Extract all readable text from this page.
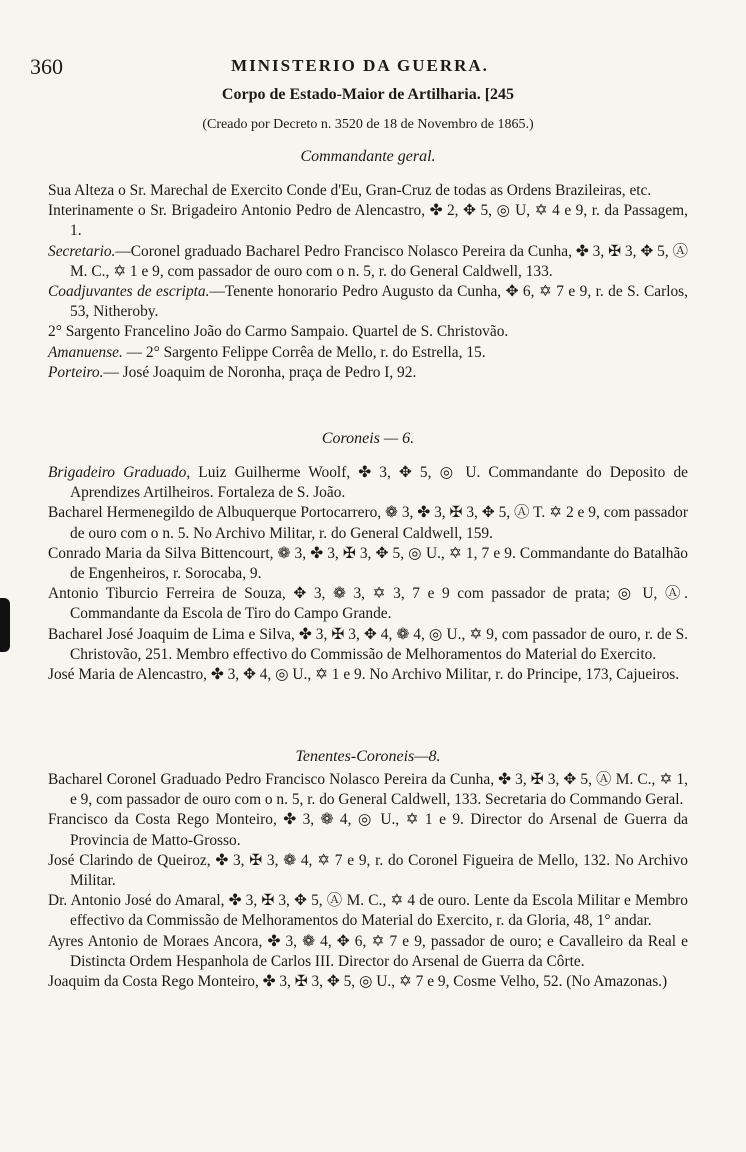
360	MINISTERIO DA GUERRA.
Corpo de Estado-Maior de Artilharia. [245
(Creado por Decreto n. 3520 de 18 de Novembro de 1865.)
Commandante geral.

Sua Alteza o Sr. Marechal de Exercito Conde d'Eu, Gran-Cruz de todas as Ordens Brazileiras, etc.

Interinamente o Sr. Brigadeiro Antonio Pedro de Alencastro, ✤ 2, ✥ 5, ◎ U, ✡ 4 e 9, r. da Passagem, 1.

Secretario.—Coronel graduado Bacharel Pedro Francisco Nolasco Pereira da Cunha, ✤ 3, ✠ 3, ✥ 5, Ⓐ M. C., ✡ 1 e 9, com passador de ouro com o n. 5, r. do General Caldwell, 133.

Coadjuvantes de escripta.—Tenente honorario Pedro Augusto da Cunha, ✥ 6, ✡ 7 e 9, r. de S. Carlos, 53, Nitheroby.

2° Sargento Francelino João do Carmo Sampaio. Quartel de S. Christovão.

Amanuense. — 2° Sargento Felippe Corrêa de Mello, r. do Estrella, 15.

Porteiro.— José Joaquim de Noronha, praça de Pedro I, 92.

Coroneis — 6.

Brigadeiro Graduado, Luiz Guilherme Woolf, ✤ 3, ✥ 5, ◎ U. Commandante do Deposito de Aprendizes Artilheiros. Fortaleza de S. João.

Bacharel Hermenegildo de Albuquerque Portocarrero, ❁ 3, ✤ 3, ✠ 3, ✥ 5, Ⓐ T. ✡ 2 e 9, com passador de ouro com o n. 5. No Archivo Militar, r. do General Caldwell, 159.

Conrado Maria da Silva Bittencourt, ❁ 3, ✤ 3, ✠ 3, ✥ 5, ◎ U., ✡ 1, 7 e 9. Commandante do Batalhão de Engenheiros, r. Sorocaba, 9.

Antonio Tiburcio Ferreira de Souza, ✥ 3, ❁ 3, ✡ 3, 7 e 9 com passador de prata; ◎ U, Ⓐ. Commandante da Escola de Tiro do Campo Grande.

Bacharel José Joaquim de Lima e Silva, ✤ 3, ✠ 3, ✥ 4, ❁ 4, ◎ U., ✡ 9, com passador de ouro, r. de S. Christovão, 251. Membro effectivo do Commissão de Melhoramentos do Material do Exercito.

José Maria de Alencastro, ✤ 3, ✥ 4, ◎ U., ✡ 1 e 9. No Archivo Militar, r. do Principe, 173, Cajueiros.

Tenentes-Coroneis—8.

Bacharel Coronel Graduado Pedro Francisco Nolasco Pereira da Cunha, ✤ 3, ✠ 3, ✥ 5, Ⓐ M. C., ✡ 1, e 9, com passador de ouro com o n. 5, r. do General Caldwell, 133. Secretaria do Commando Geral.

Francisco da Costa Rego Monteiro, ✤ 3, ❁ 4, ◎ U., ✡ 1 e 9. Director do Arsenal de Guerra da Provincia de Matto-Grosso.

José Clarindo de Queiroz, ✤ 3, ✠ 3, ❁ 4, ✡ 7 e 9, r. do Coronel Figueira de Mello, 132. No Archivo Militar.

Dr. Antonio José do Amaral, ✤ 3, ✠ 3, ✥ 5, Ⓐ M. C., ✡ 4 de ouro. Lente da Escola Militar e Membro effectivo da Commissão de Melhoramentos do Material do Exercito, r. da Gloria, 48, 1° andar.

Ayres Antonio de Moraes Ancora, ✤ 3, ❁ 4, ✥ 6, ✡ 7 e 9, passador de ouro; e Cavalleiro da Real e Distincta Ordem Hespanhola de Carlos III. Director do Arsenal de Guerra da Côrte.

Joaquim da Costa Rego Monteiro, ✤ 3, ✠ 3, ✥ 5, ◎ U., ✡ 7 e 9, Cosme Velho, 52. (No Amazonas.)
